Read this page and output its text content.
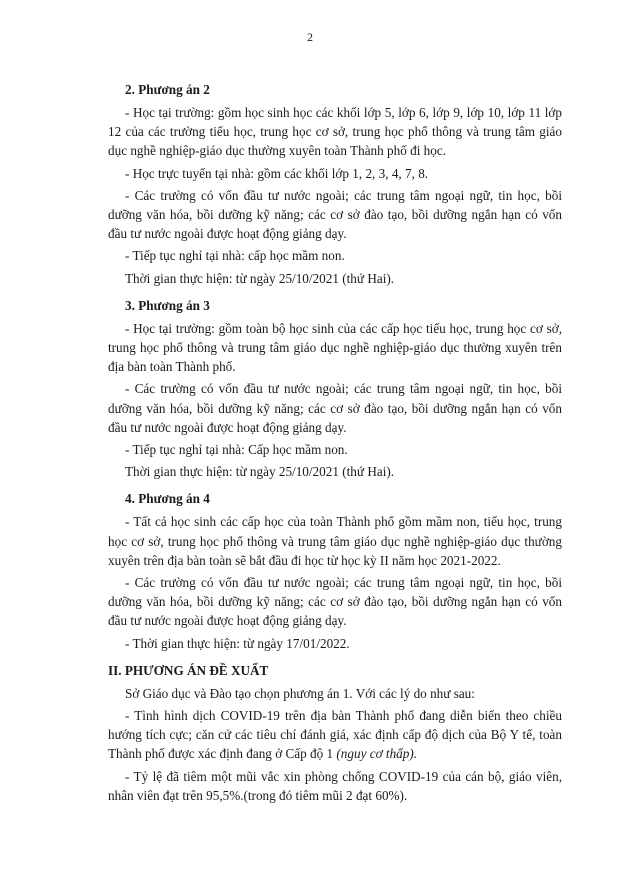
2
2. Phương án 2

- Học tại trường: gồm học sinh học các khối lớp 5, lớp 6, lớp 9, lớp 10, lớp 11 lớp 12 của các trường tiểu học, trung học cơ sở, trung học phổ thông và trung tâm giáo dục nghề nghiệp-giáo dục thường xuyên toàn Thành phố đi học.

- Học trực tuyến tại nhà: gồm các khối lớp 1, 2, 3, 4, 7, 8.

- Các trường có vốn đầu tư nước ngoài; các trung tâm ngoại ngữ, tin học, bồi dưỡng văn hóa, bồi dưỡng kỹ năng; các cơ sở đào tạo, bồi dưỡng ngắn hạn có vốn đầu tư nước ngoài được hoạt động giảng dạy.

- Tiếp tục nghỉ tại nhà: cấp học mầm non.

Thời gian thực hiện: từ ngày 25/10/2021 (thứ Hai).

3. Phương án 3

- Học tại trường: gồm toàn bộ học sinh của các cấp học tiểu học, trung học cơ sở, trung học phổ thông và trung tâm giáo dục nghề nghiệp-giáo dục thường xuyên trên địa bàn toàn Thành phố.

- Các trường có vốn đầu tư nước ngoài; các trung tâm ngoại ngữ, tin học, bồi dưỡng văn hóa, bồi dưỡng kỹ năng; các cơ sở đào tạo, bồi dưỡng ngắn hạn có vốn đầu tư nước ngoài được hoạt động giảng dạy.

- Tiếp tục nghỉ tại nhà: Cấp học mầm non.

Thời gian thực hiện: từ ngày 25/10/2021 (thứ Hai).

4. Phương án 4

- Tất cả học sinh các cấp học của toàn Thành phố gồm mầm non, tiểu học, trung học cơ sở, trung học phổ thông và trung tâm giáo dục nghề nghiệp-giáo dục thường xuyên trên địa bàn toàn sẽ bắt đầu đi học từ học kỳ II năm học 2021-2022.

- Các trường có vốn đầu tư nước ngoài; các trung tâm ngoại ngữ, tin học, bồi dưỡng văn hóa, bồi dưỡng kỹ năng; các cơ sở đào tạo, bồi dưỡng ngắn hạn có vốn đầu tư nước ngoài được hoạt động giảng dạy.

- Thời gian thực hiện: từ ngày 17/01/2022.

II. PHƯƠNG ÁN ĐỀ XUẤT

Sở Giáo dục và Đào tạo chọn phương án 1. Với các lý do như sau:

- Tình hình dịch COVID-19 trên địa bàn Thành phố đang diễn biến theo chiều hướng tích cực; căn cứ các tiêu chí đánh giá, xác định cấp độ dịch của Bộ Y tế, toàn Thành phố được xác định đang ở Cấp độ 1 (nguy cơ thấp).

- Tỷ lệ đã tiêm một mũi vắc xin phòng chống COVID-19 của cán bộ, giáo viên, nhân viên đạt trên 95,5%.(trong đó tiêm mũi 2 đạt 60%).
